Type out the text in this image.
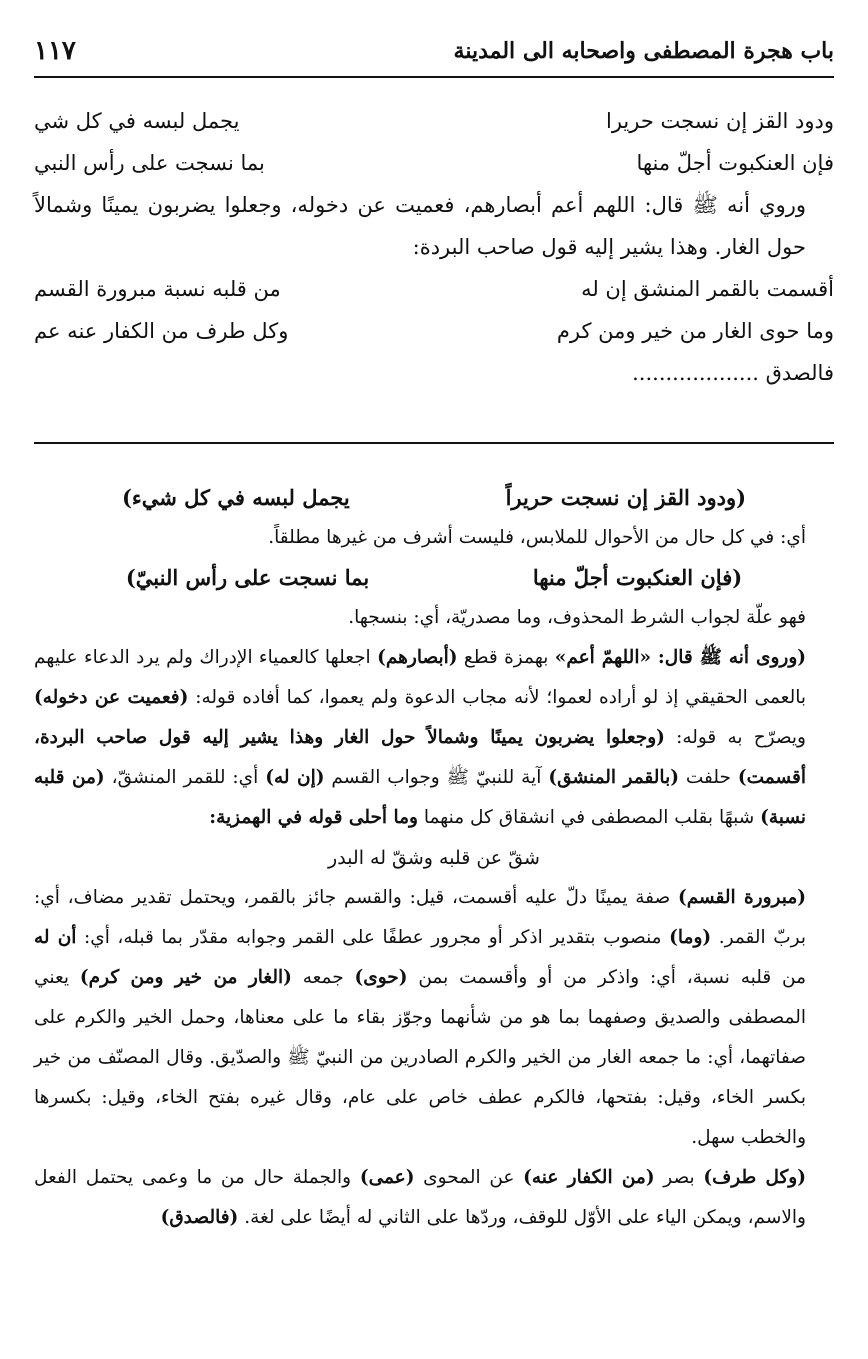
باب هجرة المصطفى واصحابه الى المدينة
١١٧
ودود القز إن نسجت حريرا
يجمل لبسه في كل شي
فإن العنكبوت أجلّ منها
بما نسجت على رأس النبي
وروي أنه ﷺ قال: اللهم أعم أبصارهم، فعميت عن دخوله، وجعلوا يضربون يمينًا وشمالاً حول الغار. وهذا يشير إليه قول صاحب البردة:
أقسمت بالقمر المنشق إن له
من قلبه نسبة مبرورة القسم
وما حوى الغار من خير ومن كرم
وكل طرف من الكفار عنه عم
فالصدق ...................
(ودود القز إن نسجت حريراً
يجمل لبسه في كل شيء)
أي: في كل حال من الأحوال للملابس، فليست أشرف من غيرها مطلقاً.
(فإن العنكبوت أجلّ منها
بما نسجت على رأس النبيّ)
فهو علّة لجواب الشرط المحذوف، وما مصدريّة، أي: بنسجها.
(وروى أنه ﷺ قال: «اللهمّ أعم» بهمزة قطع (أبصارهم) اجعلها كالعمياء الإدراك ولم يرد الدعاء عليهم بالعمى الحقيقي إذ لو أراده لعموا؛ لأنه مجاب الدعوة ولم يعموا، كما أفاده قوله: (فعميت عن دخوله) ويصرّح به قوله: (وجعلوا يضربون يمينًا وشمالاً حول الغار وهذا يشير إليه قول صاحب البردة، أقسمت) حلفت (بالقمر المنشق) آية للنبيّ ﷺ وجواب القسم (إن له) أي: للقمر المنشقّ، (من قلبه نسبة) شبهًا بقلب المصطفى في انشقاق كل منهما وما أحلى قوله في الهمزية:
شقّ عن قلبه وشقّ له البدر
(مبرورة القسم) صفة يمينًا دلّ عليه أقسمت، قيل: والقسم جائز بالقمر، ويحتمل تقدير مضاف، أي: بربّ القمر. (وما) منصوب بتقدير اذكر أو مجرور عطفًا على القمر وجوابه مقدّر بما قبله، أي: أن له من قلبه نسبة، أي: واذكر من أو وأقسمت بمن (حوى) جمعه (الغار من خير ومن كرم) يعني المصطفى والصديق وصفهما بما هو من شأنهما وجوّز بقاء ما على معناها، وحمل الخير والكرم على صفاتهما، أي: ما جمعه الغار من الخير والكرم الصادرين من النبيّ ﷺ والصدّيق. وقال المصنّف من خير بكسر الخاء، وقيل: بفتحها، فالكرم عطف خاص على عام، وقال غيره بفتح الخاء، وقيل: بكسرها والخطب سهل.
(وكل طرف) بصر (من الكفار عنه) عن المحوى (عمى) والجملة حال من ما وعمى يحتمل الفعل والاسم، ويمكن الياء على الأوّل للوقف، وردّها على الثاني له أيضًا على لغة. (فالصدق)
